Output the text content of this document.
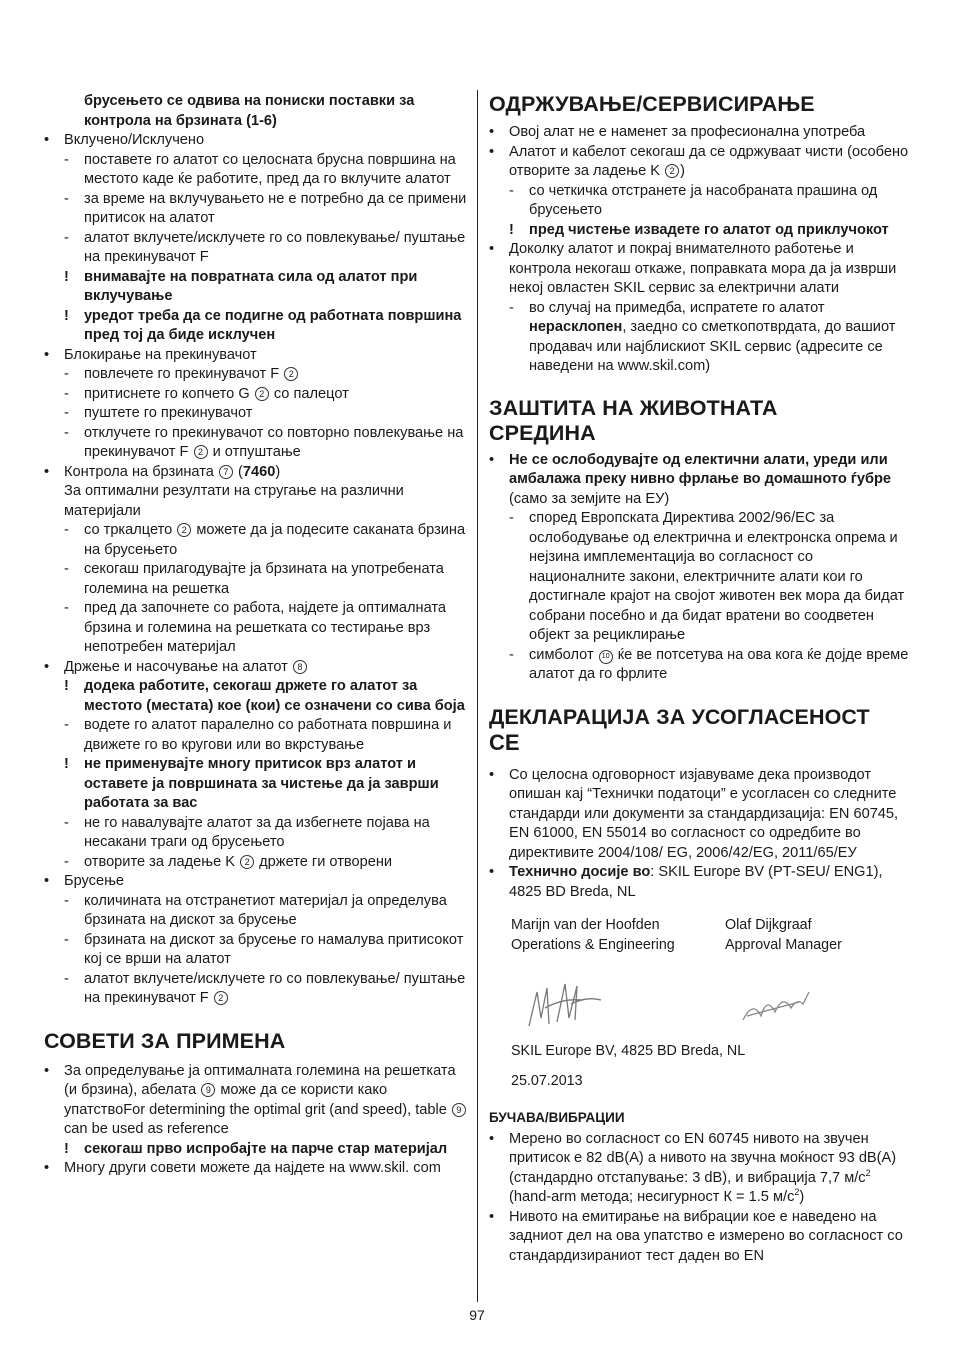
брусењето се одвива на пониски поставки за контрола на брзината (1-6)
• Вклучено/Исклучено
- поставете го алатот со целосната брусна површина на местото каде ќе работите, пред да го вклучите алатот
- за време на вклучувањето не е потребно да се примени притисок на алатот
- алатот вклучете/исклучете го со повлекување/ пуштање на прекинувачот F
! внимавајте на повратната сила од алатот при вклучување
! уредот треба да се подигне од работната површина пред тој да биде исклучен
• Блокирање на прекинувачот
- повлечете го прекинувачот F 2
- притиснете го копчето G 2 со палецот
- пуштете го прекинувачот
- отклучете го прекинувачот со повторно повлекување на прекинувачот F 2 и отпуштање
• Контрола на брзината 7 (7460)
За оптимални резултати на стругање на различни материјали
- со тркалцето 2 можете да ја подесите саканата брзина на брусењето
- секогаш прилагодувајте ја брзината на употребената големина на решетка
- пред да започнете со работа, најдете ја оптималната брзина и големина на решетката со тестирање врз непотребен материјал
• Држење и насочување на алатот 8
! додека работите, секогаш држете го алатот за местото (местата) кое (кои) се означени со сива боја
- водете го алатот паралелно со работната површина и движете го во кругови или во вкрстување
! не применувајте многу притисок врз алатот и оставете ја површината за чистење да ја заврши работата за вас
- не го навалувајте алатот за да избегнете појава на несакани траги од брусењето
- отворите за ладење K 2 држете ги отворени
• Брусење
- количината на отстранетиот материјал ја определува брзината на дискот за брусење
- брзината на дискот за брусење го намалува притисокот кој се врши на алатот
- алатот вклучете/исклучете го со повлекување/ пуштање на прекинувачот F 2
СОВЕТИ ЗА ПРИМЕНА
• За определување ја оптималната големина на решетката (и брзина), абелата 9 може да се користи како упатствоFor determining the optimal grit (and speed), table 9 can be used as reference
! секогаш прво испробајте на парче стар материјал
• Многу други совети можете да најдете на www.skil. com
ОДРЖУВАЊЕ/СЕРВИСИРАЊЕ
• Овој алат не е наменет за професионална употреба
• Алатот и кабелот секогаш да се одржуваат чисти (особено отворите за ладење K 2 )
- со четкичка отстранете ја насобраната прашина од брусењето
! пред чистење извадете го алатот од приклучокот
• Доколку алатот и покрај внимателното работење и контрола некогаш откаже, поправката мора да ја изврши некој овластен SKIL сервис за електрични алати
- во случај на примедба, испратете го алатот нерасклопен, заедно со сметкопотврдата, до вашиот продавач или најблискиот SKIL сервис (адресите се наведени на www.skil.com)
ЗАШТИТА НА ЖИВОТНАТА СРЕДИНА
• Не се ослободувајте од електични алати, уреди или амбалажа преку нивно фрлање во домашното ѓубре (само за земјите на ЕУ)
- според Европската Директива 2002/96/ЕС за ослободување од електрична и електронска опрема и нејзина имплементација во согласност со националните закони, електричните алати кои го достигнале крајот на својот животен век мора да бидат собрани посебно и да бидат вратени во соодветен објект за рециклирање
- симболот 10 ќе ве потсетува на ова кога ќе дојде време алатот да го фрлите
ДЕКЛАРАЦИЈА ЗА УСОГЛАСЕНОСТ
CE
• Со целосна одговорност изјавуваме дека производот опишан кај “Технички податоци” е усогласен со следните стандарди или документи за стандардизација: EN 60745, EN 61000, EN 55014 во согласност со одредбите во директивите 2004/108/ ЕG, 2006/42/ЕG, 2011/65/EУ
• Технично досије во: SKIL Europe BV (PT-SEU/ ENG1), 4825 BD Breda, NL
Marijn van der Hoofden
Operations & Engineering
Olaf Dijkgraaf
Approval Manager
SKIL Europe BV, 4825 BD Breda, NL
25.07.2013
БУЧАВА/ВИБРАЦИИ
• Мерено во согласност со EN 60745 нивото на звучен притисок е 82 dB(A) а нивото на звучна моќност 93 dB(A) (стандардно отстапување: 3 dB), и вибрација 7,7 $м/с^2$ (hand-arm метода; несигурност К = 1.5 $м/с^2$)
• Нивото на емитирање на вибрации кое е наведено на задниот дел на ова упатство е измерено во согласност со стандардизираниот тест даден во EN
97
